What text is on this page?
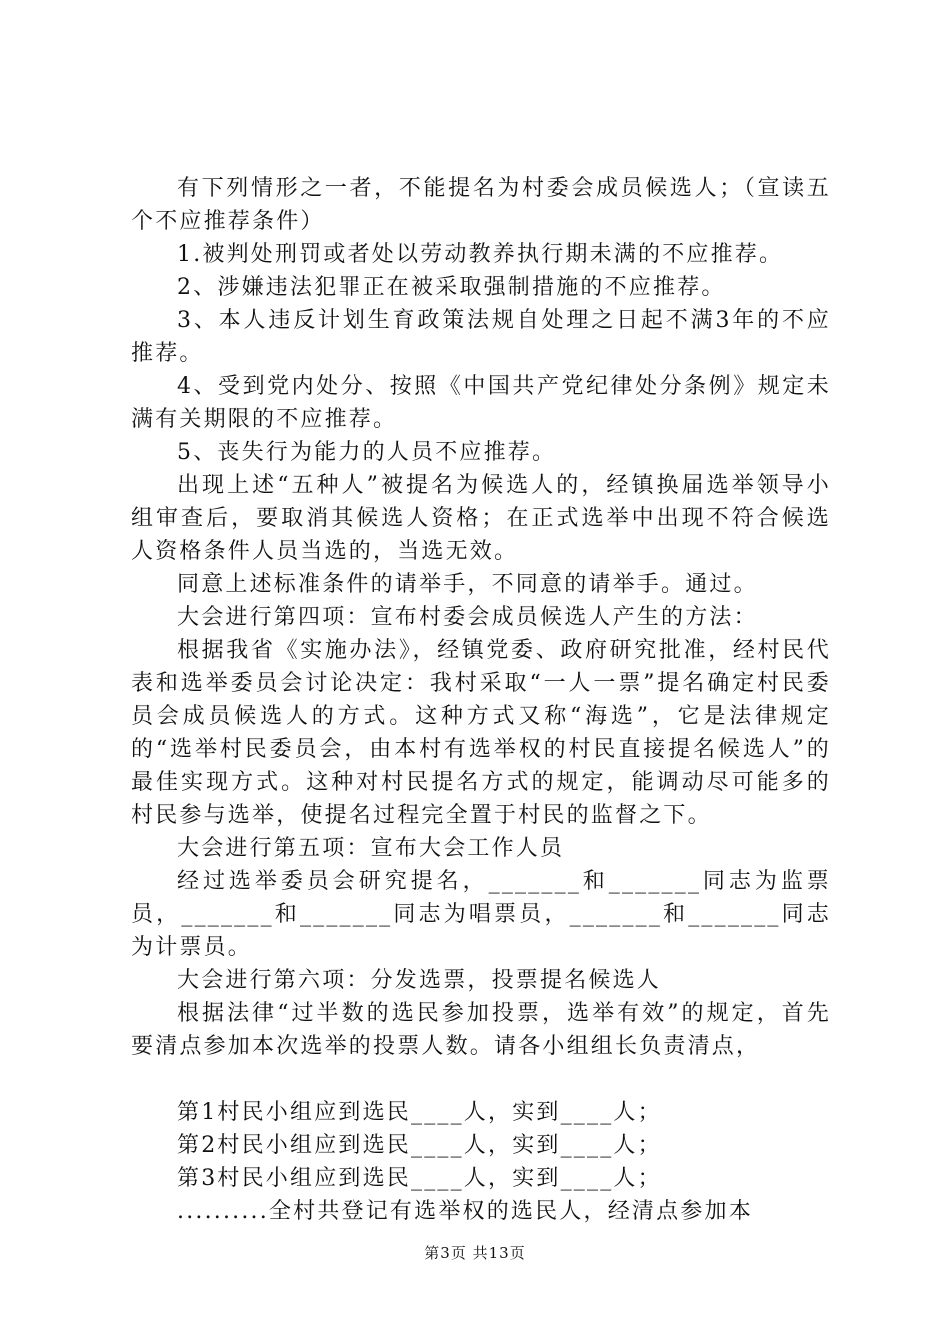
有下列情形之一者，不能提名为村委会成员候选人；（宣读五个不应推荐条件）

1.被判处刑罚或者处以劳动教养执行期未满的不应推荐。

2、涉嫌违法犯罪正在被采取强制措施的不应推荐。

3、本人违反计划生育政策法规自处理之日起不满3年的不应推荐。

4、受到党内处分、按照《中国共产党纪律处分条例》规定未满有关期限的不应推荐。

5、丧失行为能力的人员不应推荐。

出现上述“五种人”被提名为候选人的，经镇换届选举领导小组审查后，要取消其候选人资格；在正式选举中出现不符合候选人资格条件人员当选的，当选无效。

同意上述标准条件的请举手，不同意的请举手。通过。

大会进行第四项：宣布村委会成员候选人产生的方法：

根据我省《实施办法》，经镇党委、政府研究批准，经村民代表和选举委员会讨论决定：我村采取“一人一票”提名确定村民委员会成员候选人的方式。这种方式又称“海选”，它是法律规定的“选举村民委员会，由本村有选举权的村民直接提名候选人”的最佳实现方式。这种对村民提名方式的规定，能调动尽可能多的村民参与选举，使提名过程完全置于村民的监督之下。

大会进行第五项：宣布大会工作人员

经过选举委员会研究提名，_______和_______同志为监票员，_______和_______同志为唱票员，_______和_______同志为计票员。

大会进行第六项：分发选票，投票提名候选人

根据法律“过半数的选民参加投票，选举有效”的规定，首先要清点参加本次选举的投票人数。请各小组组长负责清点，

第1村民小组应到选民____人，实到____人；

第2村民小组应到选民____人，实到____人；

第3村民小组应到选民____人，实到____人；

..........全村共登记有选举权的选民人，经清点参加本

第3页 共13页
